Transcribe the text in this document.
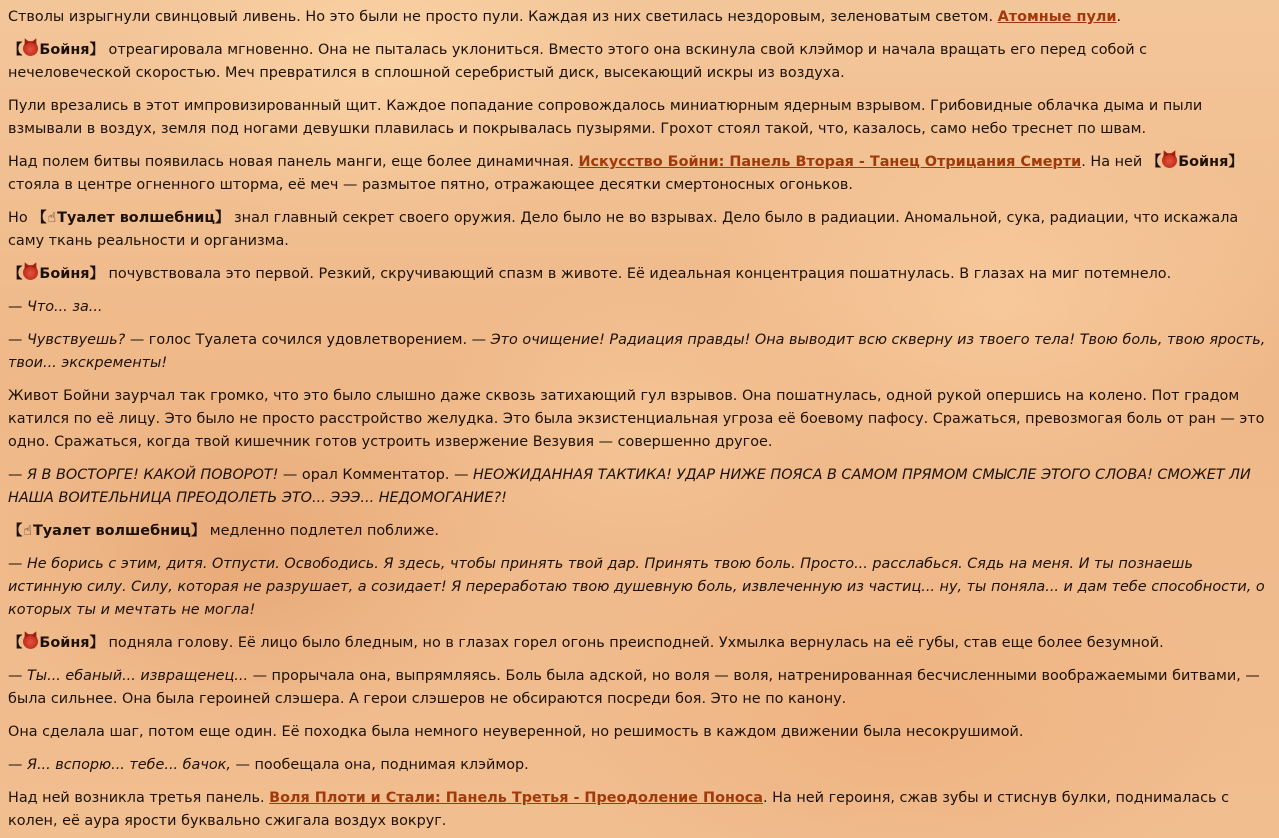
Стволы изрыгнули свинцовый ливень. Но это были не просто пули. Каждая из них светилась нездоровым, зеленоватым светом. Атомные пули.

【 Бойня】 отреагировала мгновенно. Она не пыталась уклониться. Вместо этого она вскинула свой клэймор и начала вращать его перед собой с нечеловеческой скоростью. Меч превратился в сплошной серебристый диск, высекающий искры из воздуха.

Пули врезались в этот импровизированный щит. Каждое попадание сопровождалось миниатюрным ядерным взрывом. Грибовидные облачка дыма и пыли взмывали в воздух, земля под ногами девушки плавилась и покрывалась пузырями. Грохот стоял такой, что, казалось, само небо треснет по швам.

Над полем битвы появилась новая панель манги, еще более динамичная. Искусство Бойни: Панель Вторая - Танец Отрицания Смерти. На ней 【 Бойня】 стояла в центре огненного шторма, её меч — размытое пятно, отражающее десятки смертоносных огоньков.

Но 【☝Туалет волшебниц】 знал главный секрет своего оружия. Дело было не во взрывах. Дело было в радиации. Аномальной, сука, радиации, что искажала саму ткань реальности и организма.

【 Бойня】 почувствовала это первой. Резкий, скручивающий спазм в животе. Её идеальная концентрация пошатнулась. В глазах на миг потемнело.

— Что... за...

— Чувствуешь? — голос Туалета сочился удовлетворением. — Это очищение! Радиация правды! Она выводит всю скверну из твоего тела! Твою боль, твою ярость, твои... экскременты!

Живот Бойни заурчал так громко, что это было слышно даже сквозь затихающий гул взрывов. Она пошатнулась, одной рукой опершись на колено. Пот градом катился по её лицу. Это было не просто расстройство желудка. Это была экзистенциальная угроза её боевому пафосу. Сражаться, превозмогая боль от ран — это одно. Сражаться, когда твой кишечник готов устроить извержение Везувия — совершенно другое.

— Я В ВОСТОРГЕ! КАКОЙ ПОВОРОТ! — орал Комментатор. — НЕОЖИДАННАЯ ТАКТИКА! УДАР НИЖЕ ПОЯСА В САМОМ ПРЯМОМ СМЫСЛЕ ЭТОГО СЛОВА! СМОЖЕТ ЛИ НАША ВОИТЕЛЬНИЦА ПРЕОДОЛЕТЬ ЭТО... ЭЭЭ... НЕДОМОГАНИЕ?!

【☝Туалет волшебниц】 медленно подлетел поближе.

— Не борись с этим, дитя. Отпусти. Освободись. Я здесь, чтобы принять твой дар. Принять твою боль. Просто... расслабься. Сядь на меня. И ты познаешь истинную силу. Силу, которая не разрушает, а созидает! Я переработаю твою душевную боль, извлеченную из частиц... ну, ты поняла... и дам тебе способности, о которых ты и мечтать не могла!

【 Бойня】 подняла голову. Её лицо было бледным, но в глазах горел огонь преисподней. Ухмылка вернулась на её губы, став еще более безумной.

— Ты... ебаный... извращенец... — прорычала она, выпрямляясь. Боль была адской, но воля — воля, натренированная бесчисленными воображаемыми битвами, — была сильнее. Она была героиней слэшера. А герои слэшеров не обсираются посреди боя. Это не по канону.

Она сделала шаг, потом еще один. Её походка была немного неуверенной, но решимость в каждом движении была несокрушимой.

— Я... вспорю... тебе... бачок, — пообещала она, поднимая клэймор.

Над ней возникла третья панель. Воля Плоти и Стали: Панель Третья - Преодоление Поноса. На ней героиня, сжав зубы и стиснув булки, поднималась с колен, её аура ярости буквально сжигала воздух вокруг.
